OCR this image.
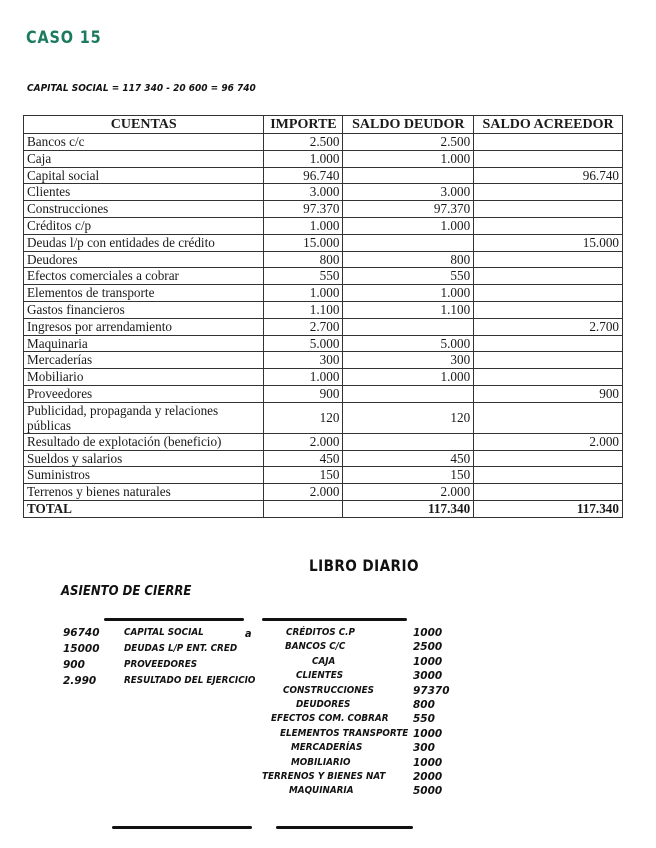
CASO 15
CAPITAL SOCIAL = 117 340 - 20 600 = 96 740
CUENTAS	IMPORTE	SALDO DEUDOR	SALDO ACREEDOR
Bancos c/c	2.500	2.500	
Caja	1.000	1.000	
Capital social	96.740		96.740
Clientes	3.000	3.000	
Construcciones	97.370	97.370	
Créditos c/p	1.000	1.000	
Deudas l/p con entidades de crédito	15.000		15.000
Deudores	800	800	
Efectos comerciales a cobrar	550	550	
Elementos de transporte	1.000	1.000	
Gastos financieros	1.100	1.100	
Ingresos por arrendamiento	2.700		2.700
Maquinaria	5.000	5.000	
Mercaderías	300	300	
Mobiliario	1.000	1.000	
Proveedores	900		900
Publicidad, propaganda y relaciones públicas	120	120	
Resultado de explotación (beneficio)	2.000		2.000
Sueldos y salarios	450	450	
Suministros	150	150	
Terrenos y bienes naturales	2.000	2.000	
TOTAL		117.340	117.340
LIBRO DIARIO
ASIENTO DE CIERRE
a
96740 CAPITAL SOCIAL
15000 DEUDAS L/P ENT. CRED
900	PROVEEDORES
2.990	RESULTADO DEL EJERCICIO
CRÉDITOS C.P	1000
BANCOS C/C	2500
CAJA	1000
CLIENTES	3000
CONSTRUCCIONES	97370
DEUDORES	800
EFECTOS COM. COBRAR 550
ELEMENTOS TRANSPORTE 1000
MERCADERÍAS	300
MOBILIARIO	1000
TERRENOS Y BIENES NAT	2000
MAQUINARIA	5000
